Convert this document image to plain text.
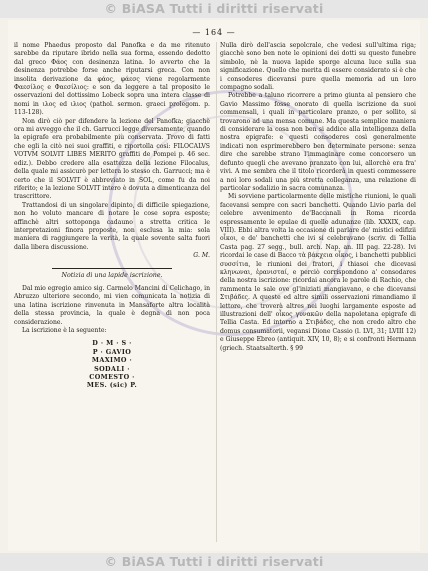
© BiASA Tutti i diritti riservati
— 164 —

il nome Phaedus proposto dal Panofka e da me ritenuto sarebbe da riputare ibrido nella sua forma, essendo dedotto dal greco Φάος con desinenza latina. Io avverto che la desinenza potrebbe forse anche riputarsi greca. Con non insolita derivazione da φάος, φάεσς viene regolarmente Φαεσίλος e Φαεσίλιος: e son da leggere a tal proposito le osservazioni del dottissimo Lobeck sopra una intera classe di nomi in ιλος ed ιλιος (pathol. sermon. graeci prolegom. p. 113-128).

Non dirò ciò per difendere la lezione del Panofka; giacchè ora mi avveggo che il ch. Garrucci legge diversamente, quando la epigrafe era probabilmente più conservata. Trovo di fatti che egli la citò nei suoi graffiti, e riportolla così: FILOCALVS VOTVM SOLVIT LIBES MERITO graffiti de Pompei p. 46 sec. ediz.). Debbo credere alla esattezza della lezione Filocalus, della quale mi assicurò per lettera lo stesso ch. Garrucci; ma è certo che il SOLVIT è abbreviato in SOL, come fu da noi riferito; e la lezione SOLVIT intero è dovuta a dimenticanza del trascrittore.

Trattandosi di un singolare dipinto, di difficile spiegazione, non ho voluto mancare di notare le cose sopra esposte; affinchè altri sottoponga cadauno a stretta critica le interpretazioni finora proposte, non esclusa la mia: sola maniera di raggiungere la verità, la quale sovente salta fuori dalla libera discussione.

G. M.

Notizia di una lapide iscrizione.

Dal mio egregio amico sig. Carmelo Mancini di Celichago, in Abruzzo ulteriore secondo, mi vien comunicata la notizia di una latina iscrizione rinvenuta in Mansaforte altra località della stessa provincia, la quale è degna di non poca considerazione.

La iscrizione è la seguente:

D · M · S ·
P · GAVIO
MAXIMO ·
SODALI ·
COMESTO ·
MES. (sic) P.

Nulla dirò dell'ascia sepolcrale, che vedesi sull'ultima riga; giacchè sono ben note le opinioni dei dotti su questo funebre simbolo, nè la nuova lapide sporge alcuna luce sulla sua significazione. Quello che merita di essere considerato si è che i consoderes dicevansi pure quella memoria ad un loro compagno sodali.

Potrebbe a taluno ricorrere a primo giunta al pensiero che Gavio Massimo fosse onorato di quella iscrizione da suoi commensali, i quali in particolare pranzo, o per sollito, si trovarono ad una mensa comune. Ma questa semplice maniera di considerare la cosa non ben si addice alla intelligenza della nostra epigrafe: e questi consoderes così generalmente indicati non esprimerebbero ben determinate persone: senza dire che sarebbe strano l'immaginare come concorsero un defunto quegli che avevano pranzato con lui, allorchè era fra' vivi. A me sembra che il titolo ricorderà in questi commessere a noi loro sodali una più stretta colleganza, una relazione di particolar sodalizio in sacra comunanza.

Mi sovviene particolarmente delle mistiche riunioni, le quali facevansi sempre con sacri banchetti. Quando Livio parla del celebre avvenimento de'Baccanali in Roma ricorda espressamente le epulae di quelle adunanze (lib. XXXIX, cap. VIII). Ebbi altra volta la occasione di parlare de' mistici edifizii οἶκοι, e de' banchetti che ivi si celebravano (scriv. di Tellia Casta pag. 27 segg., bull. arch. Nap. an. III pag. 22-28). Ivi ricordai le case di Bacco τὰ βάκχεια οἶκος, i banchetti pubblici συσσίτια, le riunioni dei fratori, i thiasoi che dicevasi κληνωναι, ἑρανισταί, e perciò corrispondono a' consodares della nostra iscrizione: ricordai ancora le parole di Rachio, che rammenta le sale ove gl'iniziati mangiavano, e che dicevansi Στιβάδες. A queste ed altre simili osservazioni rimandiamo il lettore, che troverà altres nei luoghi largamente esposte ad illustrazioni dell' οἶκος γυνακῶν della napoletana epigrafe di Tellia Casta. Ed intorno a Στιβάδες, che non credo altro che domus consumatorii, vegansi Dione Cassio (l. LVI, 31; LVIII 12) e Giuseppe Ebreo (antiquit. XIV, 10, 8); e si confronti Hermann (griech. Staatsalterth. § 99

© BiASA Tutti i diritti riservati
